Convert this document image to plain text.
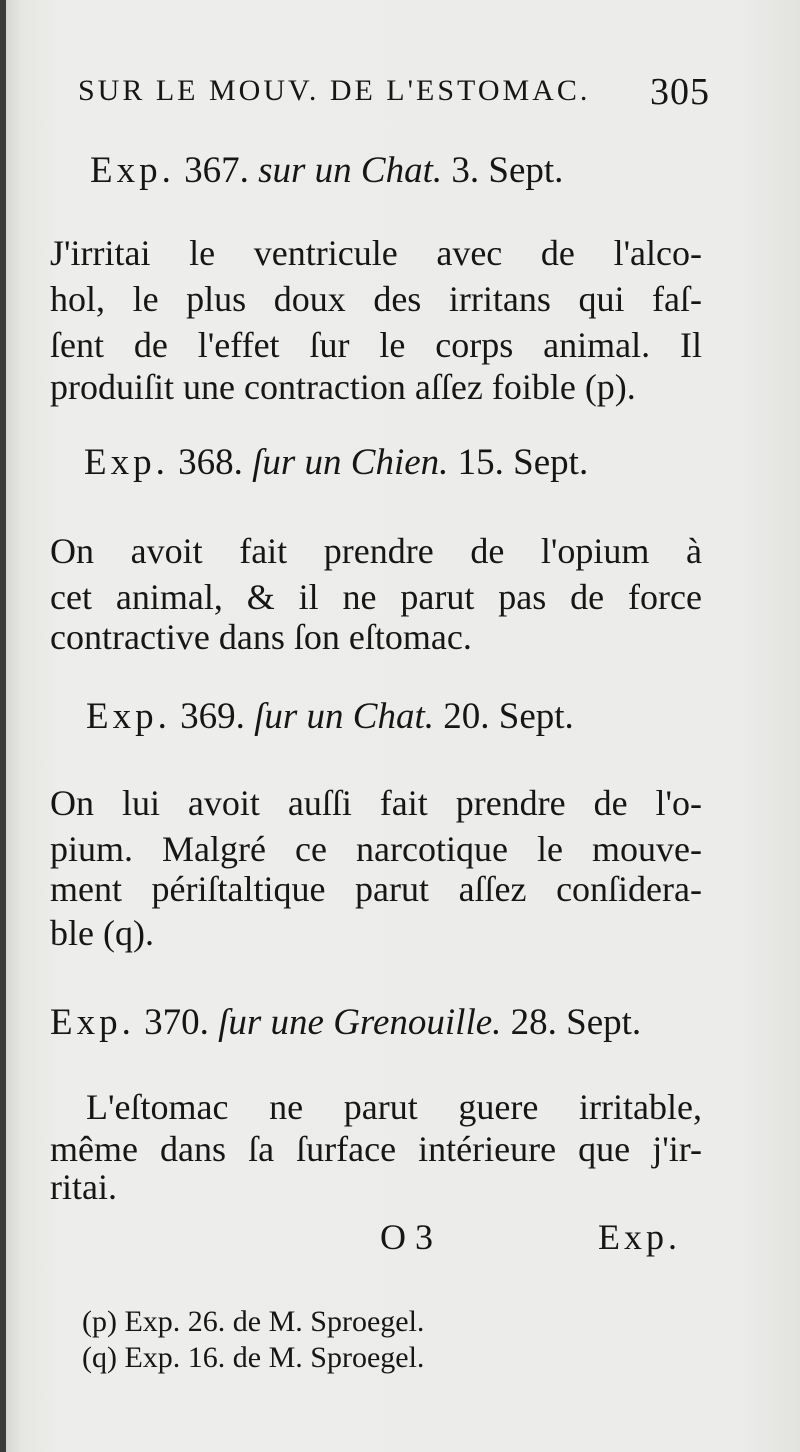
SUR LE MOUV. DE L'ESTOMAC. 305
Exp. 367. sur un Chat. 3. Sept.
J'irritai le ventricule avec de l'alco-
hol, le plus doux des irritans qui faſ-
ſent de l'effet ſur le corps animal. Il
produiſit une contraction aſſez foible (p).
Exp. 368. ſur un Chien. 15. Sept.
On avoit fait prendre de l'opium à
cet animal, & il ne parut pas de force
contractive dans ſon eſtomac.
Exp. 369. ſur un Chat. 20. Sept.
On lui avoit auſſi fait prendre de l'o-
pium. Malgré ce narcotique le mouve-
ment périſtaltique parut aſſez conſidera-
ble (q).
Exp. 370. ſur une Grenouille. 28. Sept.
L'eſtomac ne parut guere irritable,
même dans ſa ſurface intérieure que j'ir-
ritai.
O 3	Exp.
(p) Exp. 26. de M. Sproegel.
(q) Exp. 16. de M. Sproegel.
